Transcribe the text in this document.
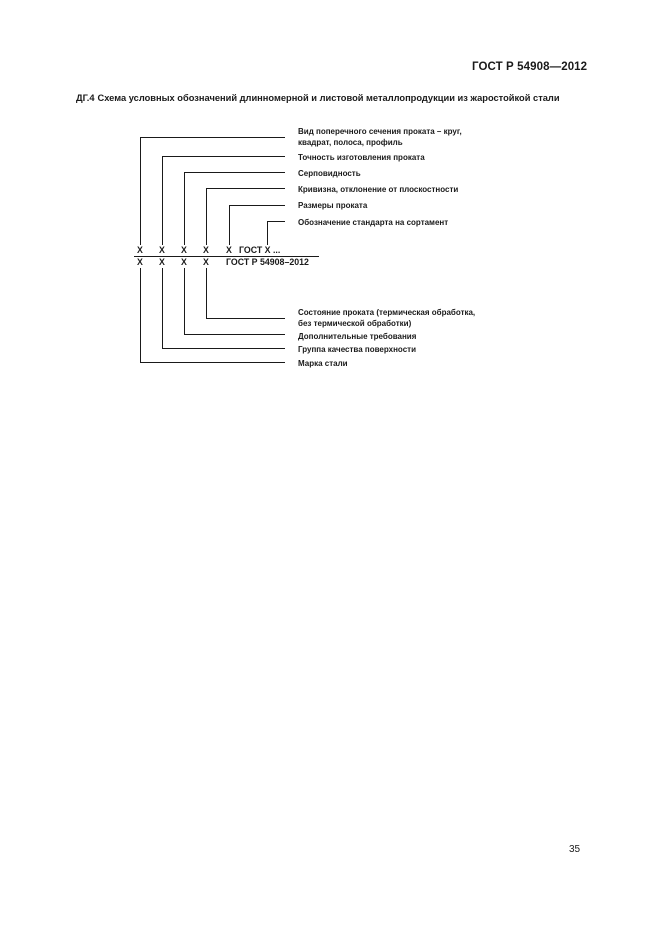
ГОСТ Р 54908—2012
ДГ.4 Схема условных обозначений длинномерной и листовой металлопродукции из жаростойкой стали
X X X X X ГОСТ X ...
X X X X ГОСТ Р 54908–2012
Вид поперечного сечения проката – круг,
квадрат, полоса, профиль
Точность изготовления проката
Серповидность
Кривизна, отклонение от плоскостности
Размеры проката
Обозначение стандарта на сортамент
Состояние проката (термическая обработка,
без термической обработки)
Дополнительные требования
Группа качества поверхности
Марка стали
35
